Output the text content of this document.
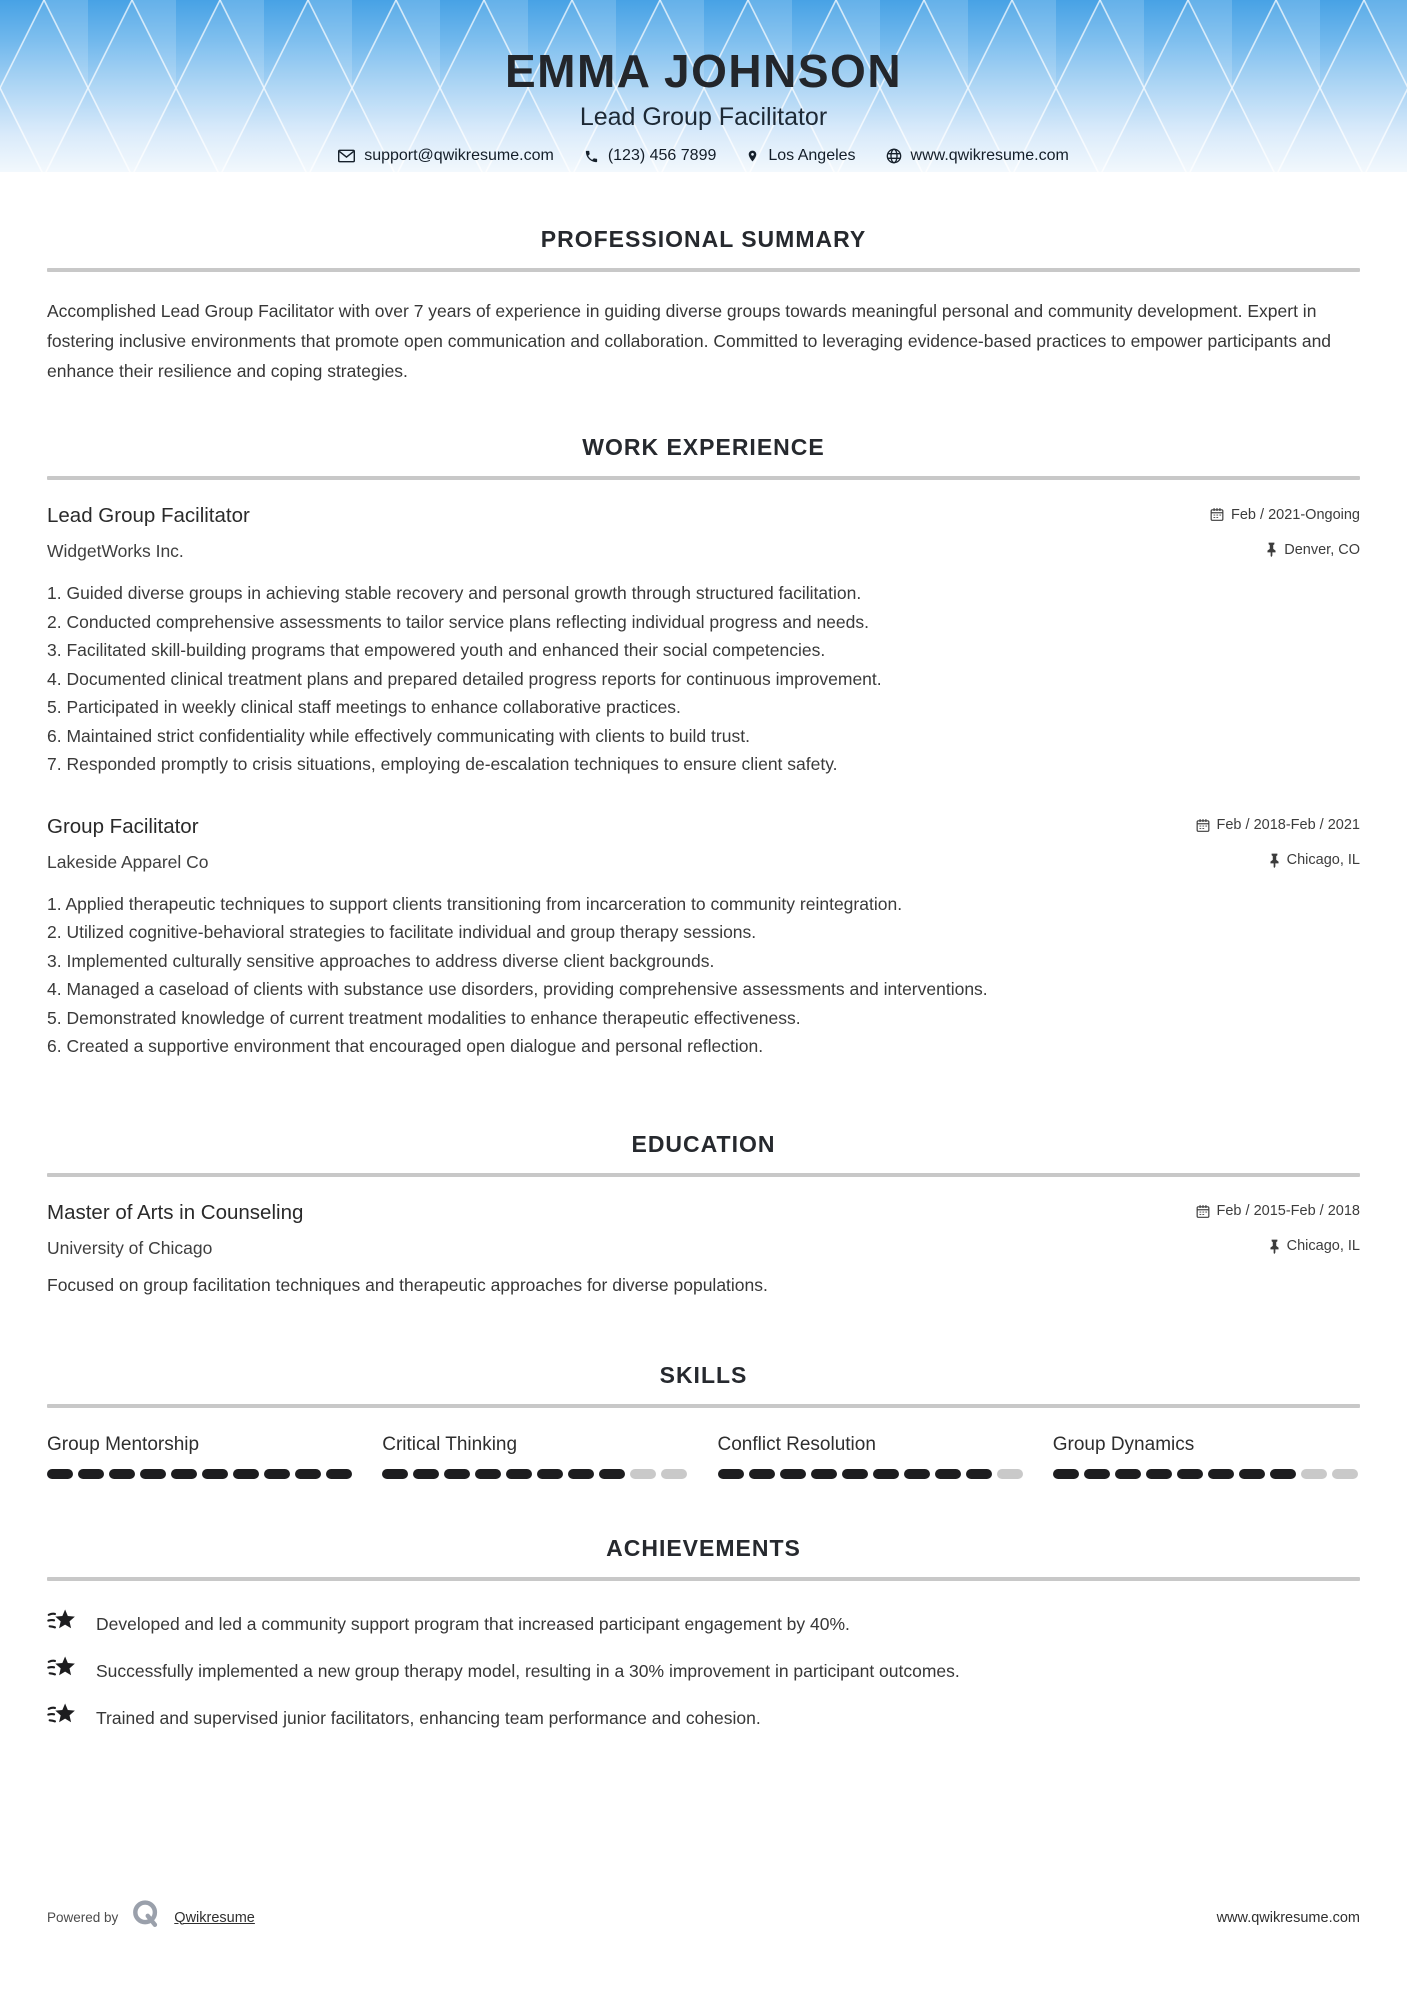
EMMA JOHNSON
Lead Group Facilitator
support@qwikresume.com	(123) 456 7899	Los Angeles	www.qwikresume.com
PROFESSIONAL SUMMARY

Accomplished Lead Group Facilitator with over 7 years of experience in guiding diverse groups towards meaningful personal and community development. Expert in fostering inclusive environments that promote open communication and collaboration. Committed to leveraging evidence-based practices to empower participants and enhance their resilience and coping strategies.

WORK EXPERIENCE
Lead Group Facilitator	Feb / 2021-Ongoing
WidgetWorks Inc.	Denver, CO
Guided diverse groups in achieving stable recovery and personal growth through structured facilitation.
Conducted comprehensive assessments to tailor service plans reflecting individual progress and needs.
Facilitated skill-building programs that empowered youth and enhanced their social competencies.
Documented clinical treatment plans and prepared detailed progress reports for continuous improvement.
Participated in weekly clinical staff meetings to enhance collaborative practices.
Maintained strict confidentiality while effectively communicating with clients to build trust.
Responded promptly to crisis situations, employing de-escalation techniques to ensure client safety.
Group Facilitator	Feb / 2018-Feb / 2021
Lakeside Apparel Co	Chicago, IL
Applied therapeutic techniques to support clients transitioning from incarceration to community reintegration.
Utilized cognitive-behavioral strategies to facilitate individual and group therapy sessions.
Implemented culturally sensitive approaches to address diverse client backgrounds.
Managed a caseload of clients with substance use disorders, providing comprehensive assessments and interventions.
Demonstrated knowledge of current treatment modalities to enhance therapeutic effectiveness.
Created a supportive environment that encouraged open dialogue and personal reflection.
EDUCATION
Master of Arts in Counseling	Feb / 2015-Feb / 2018
University of Chicago	Chicago, IL
Focused on group facilitation techniques and therapeutic approaches for diverse populations.
SKILLS
Group Mentorship	Critical Thinking	Conflict Resolution	Group Dynamics
ACHIEVEMENTS
Developed and led a community support program that increased participant engagement by 40%.
Successfully implemented a new group therapy model, resulting in a 30% improvement in participant outcomes.
Trained and supervised junior facilitators, enhancing team performance and cohesion.
Powered by	Qwikresume	www.qwikresume.com
